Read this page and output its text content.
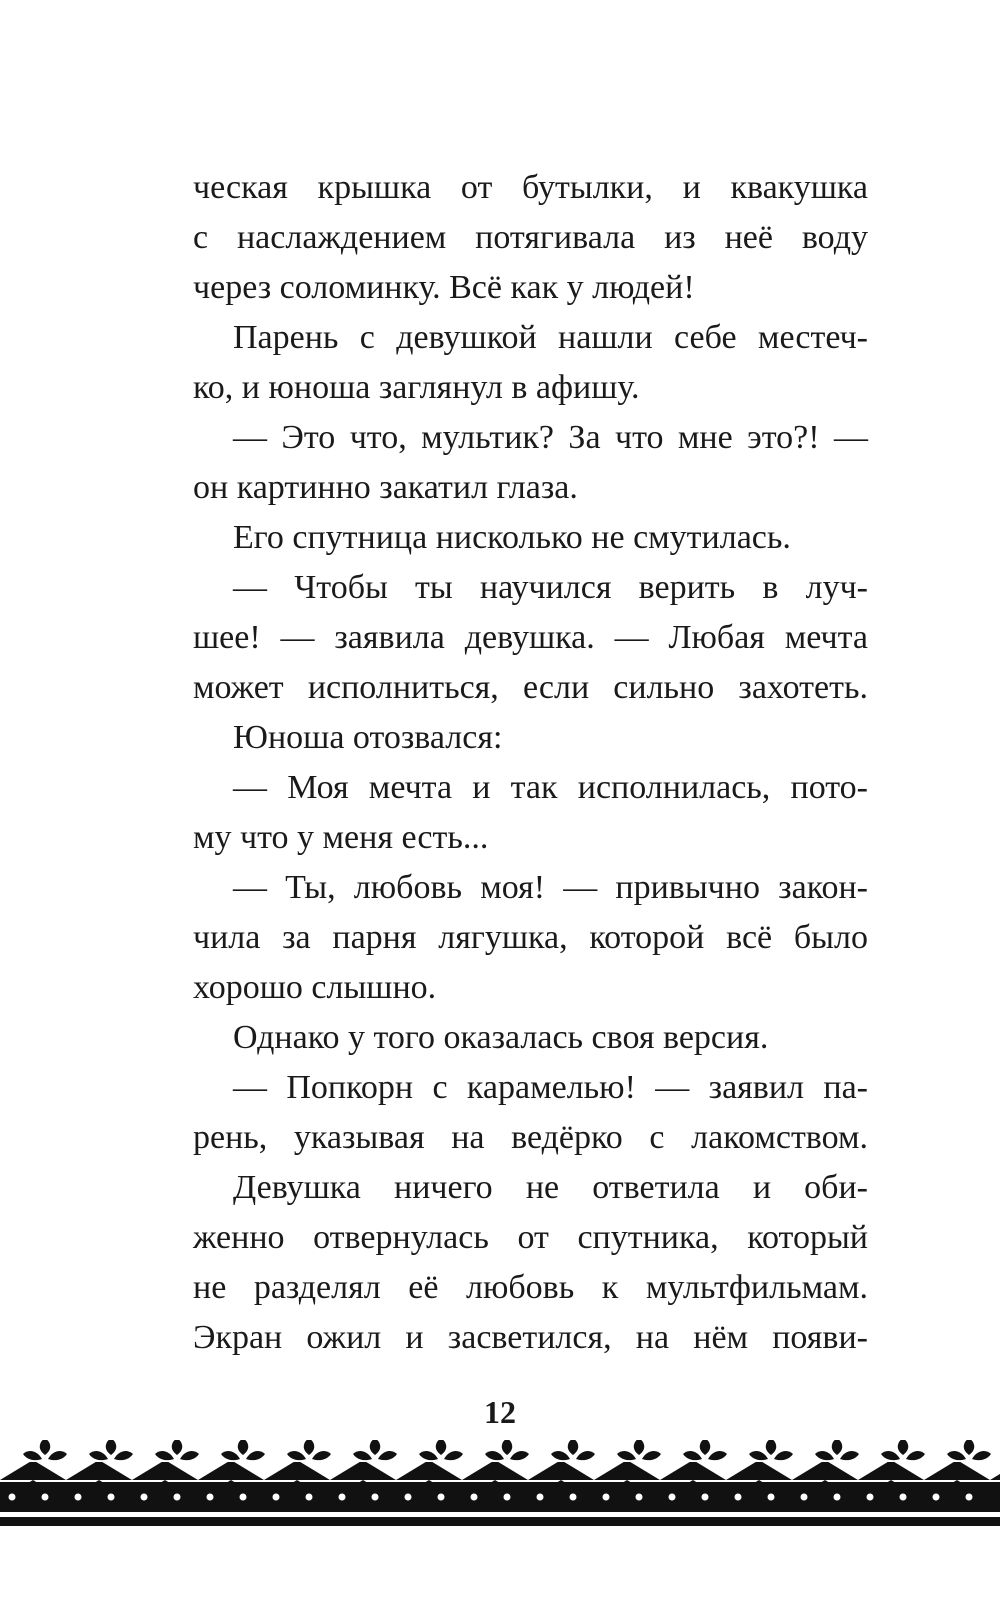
ческая крышка от бутылки, и квакушка
с наслаждением потягивала из неё воду
через соломинку. Всё как у людей!
Парень с девушкой нашли себе местеч-
ко, и юноша заглянул в афишу.
— Это что, мультик? За что мне это?! —
он картинно закатил глаза.
Его спутница нисколько не смутилась.
— Чтобы ты научился верить в луч-
шее! — заявила девушка. — Любая мечта
может исполниться, если сильно захотеть.
Юноша отозвался:
— Моя мечта и так исполнилась, пото-
му что у меня есть...
— Ты, любовь моя! — привычно закон-
чила за парня лягушка, которой всё было
хорошо слышно.
Однако у того оказалась своя версия.
— Попкорн с карамелью! — заявил па-
рень, указывая на ведёрко с лакомством.
Девушка ничего не ответила и оби-
женно отвернулась от спутника, который
не разделял её любовь к мультфильмам.
Экран ожил и засветился, на нём появи-
12
